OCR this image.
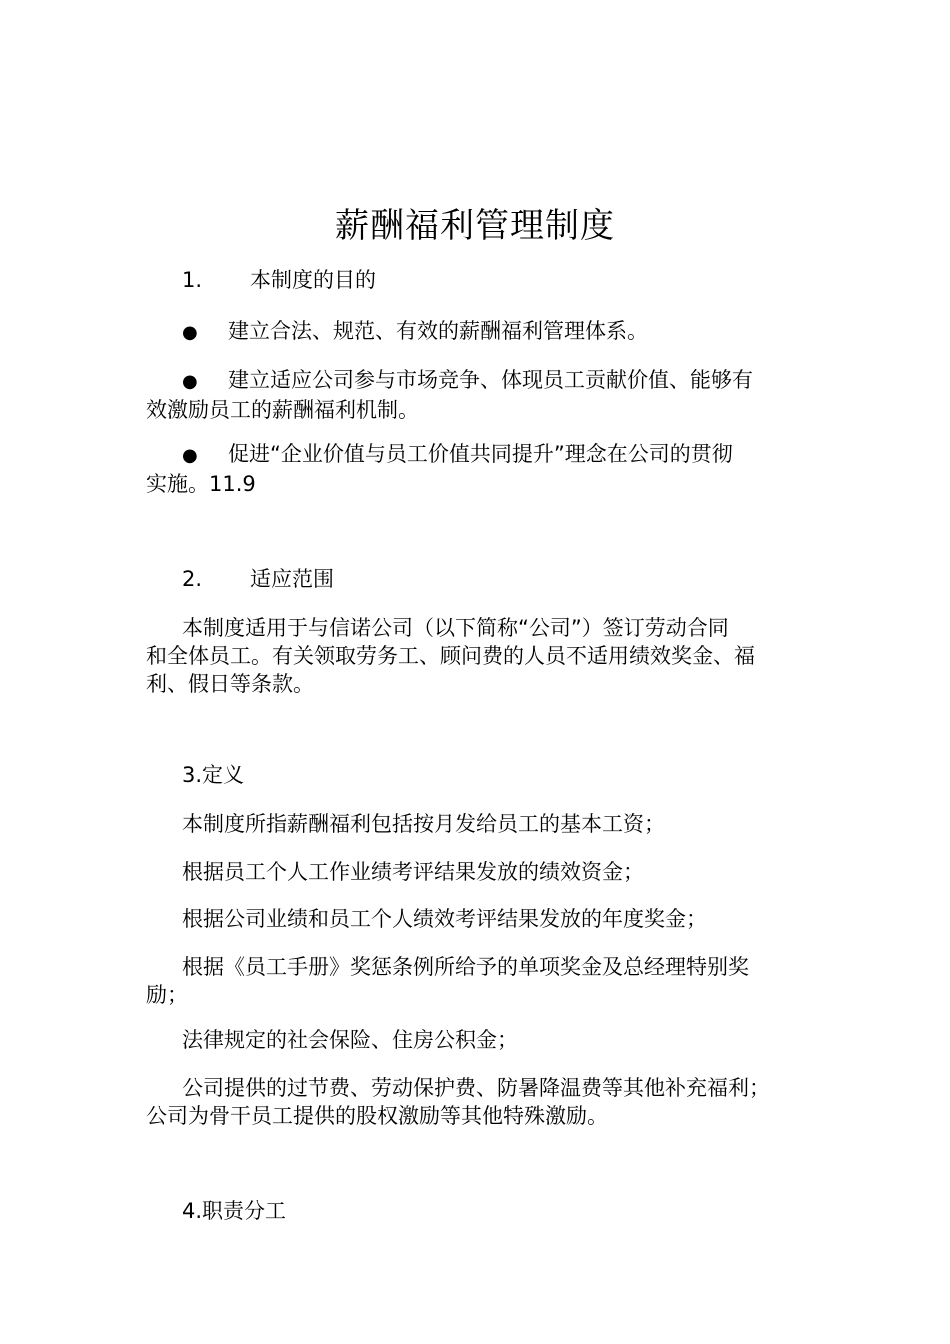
薪酬福利管理制度
1. 本制度的目的
● 建立合法、规范、有效的薪酬福利管理体系。
● 建立适应公司参与市场竞争、体现员工贡献价值、能够有
效激励员工的薪酬福利机制。
● 促进“企业价值与员工价值共同提升”理念在公司的贯彻
实施。11.9
2. 适应范围
本制度适用于与信诺公司（以下简称“公司”）签订劳动合同
和全体员工。有关领取劳务工、顾问费的人员不适用绩效奖金、福
利、假日等条款。
3.定义
本制度所指薪酬福利包括按月发给员工的基本工资；
根据员工个人工作业绩考评结果发放的绩效资金；
根据公司业绩和员工个人绩效考评结果发放的年度奖金；
根据《员工手册》奖惩条例所给予的单项奖金及总经理特别奖
励；
法律规定的社会保险、住房公积金；
公司提供的过节费、劳动保护费、防暑降温费等其他补充福利；
公司为骨干员工提供的股权激励等其他特殊激励。
4.职责分工
